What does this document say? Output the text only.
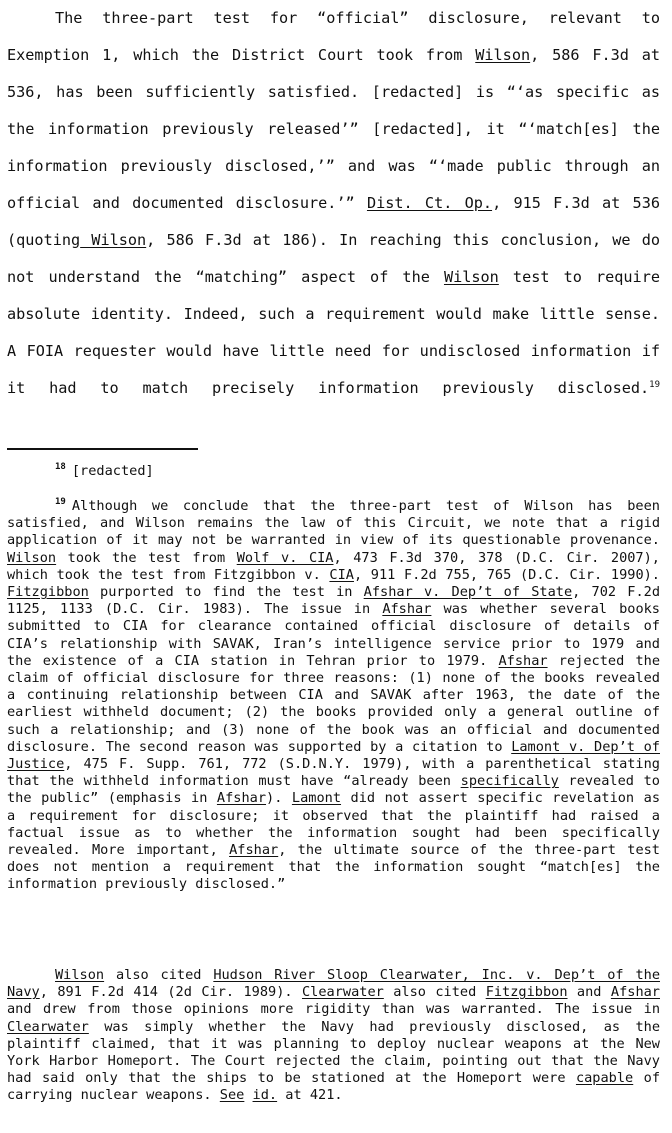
The three-part test for “official” disclosure, relevant to Exemption 1, which the District Court took from Wilson, 586 F.3d at 536, has been sufficiently satisfied. [redacted] is “‘as specific as the information previously released’” [redacted], it “‘match[es] the information previously disclosed,’” and was “‘made public through an official and documented disclosure.’” Dist. Ct. Op., 915 F.3d at 536 (quoting Wilson, 586 F.3d at 186). In reaching this conclusion, we do not understand the “matching” aspect of the Wilson test to require absolute identity. Indeed, such a requirement would make little sense. A FOIA requester would have little need for undisclosed information if it had to match precisely information previously disclosed.$^{19}$

$^{18}$ [redacted]

$^{19}$ Although we conclude that the three-part test of Wilson has been satisfied, and Wilson remains the law of this Circuit, we note that a rigid application of it may not be warranted in view of its questionable provenance. Wilson took the test from Wolf v. CIA, 473 F.3d 370, 378 (D.C. Cir. 2007), which took the test from Fitzgibbon v. CIA, 911 F.2d 755, 765 (D.C. Cir. 1990). Fitzgibbon purported to find the test in Afshar v. Dep’t of State, 702 F.2d 1125, 1133 (D.C. Cir. 1983). The issue in Afshar was whether several books submitted to CIA for clearance contained official disclosure of details of CIA’s relationship with SAVAK, Iran’s intelligence service prior to 1979 and the existence of a CIA station in Tehran prior to 1979. Afshar rejected the claim of official disclosure for three reasons: (1) none of the books revealed a continuing relationship between CIA and SAVAK after 1963, the date of the earliest withheld document; (2) the books provided only a general outline of such a relationship; and (3) none of the book was an official and documented disclosure. The second reason was supported by a citation to Lamont v. Dep’t of Justice, 475 F. Supp. 761, 772 (S.D.N.Y. 1979), with a parenthetical stating that the withheld information must have “already been specifically revealed to the public” (emphasis in Afshar). Lamont did not assert specific revelation as a requirement for disclosure; it observed that the plaintiff had raised a factual issue as to whether the information sought had been specifically revealed. More important, Afshar, the ultimate source of the three-part test does not mention a requirement that the information sought “match[es] the information previously disclosed.”

Wilson also cited Hudson River Sloop Clearwater, Inc. v. Dep’t of the Navy, 891 F.2d 414 (2d Cir. 1989). Clearwater also cited Fitzgibbon and Afshar and drew from those opinions more rigidity than was warranted. The issue in Clearwater was simply whether the Navy had previously disclosed, as the plaintiff claimed, that it was planning to deploy nuclear weapons at the New York Harbor Homeport. The Court rejected the claim, pointing out that the Navy had said only that the ships to be stationed at the Homeport were capable of carrying nuclear weapons. See id. at 421.
